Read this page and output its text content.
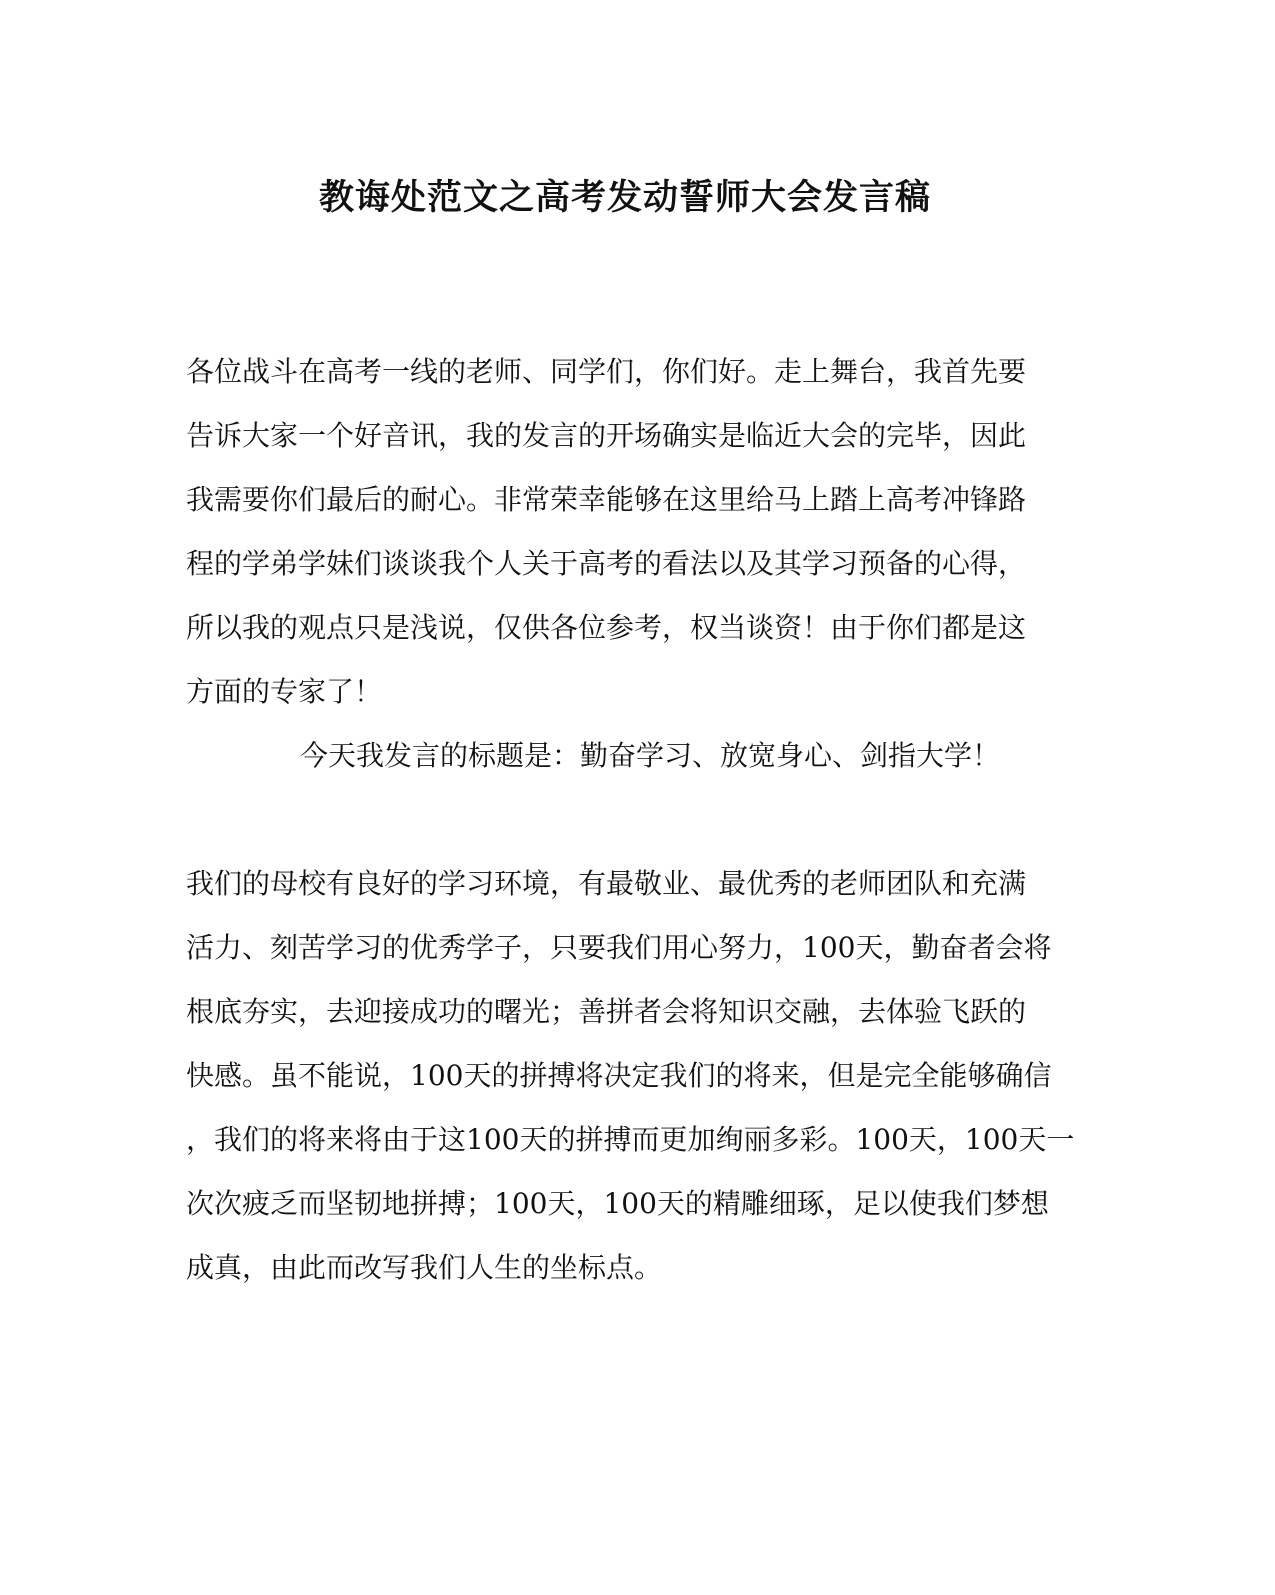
教诲处范文之高考发动誓师大会发言稿
各位战斗在高考一线的老师、同学们，你们好。走上舞台，我首先要
告诉大家一个好音讯，我的发言的开场确实是临近大会的完毕，因此
我需要你们最后的耐心。非常荣幸能够在这里给马上踏上高考冲锋路
程的学弟学妹们谈谈我个人关于高考的看法以及其学习预备的心得，
所以我的观点只是浅说，仅供各位参考，权当谈资！由于你们都是这
方面的专家了！
今天我发言的标题是：勤奋学习、放宽身心、剑指大学！
我们的母校有良好的学习环境，有最敬业、最优秀的老师团队和充满
活力、刻苦学习的优秀学子，只要我们用心努力，100天，勤奋者会将
根底夯实，去迎接成功的曙光；善拼者会将知识交融，去体验飞跃的
快感。虽不能说，100天的拼搏将决定我们的将来，但是完全能够确信
，我们的将来将由于这100天的拼搏而更加绚丽多彩。100天，100天一
次次疲乏而坚韧地拼搏；100天，100天的精雕细琢，足以使我们梦想
成真，由此而改写我们人生的坐标点。
